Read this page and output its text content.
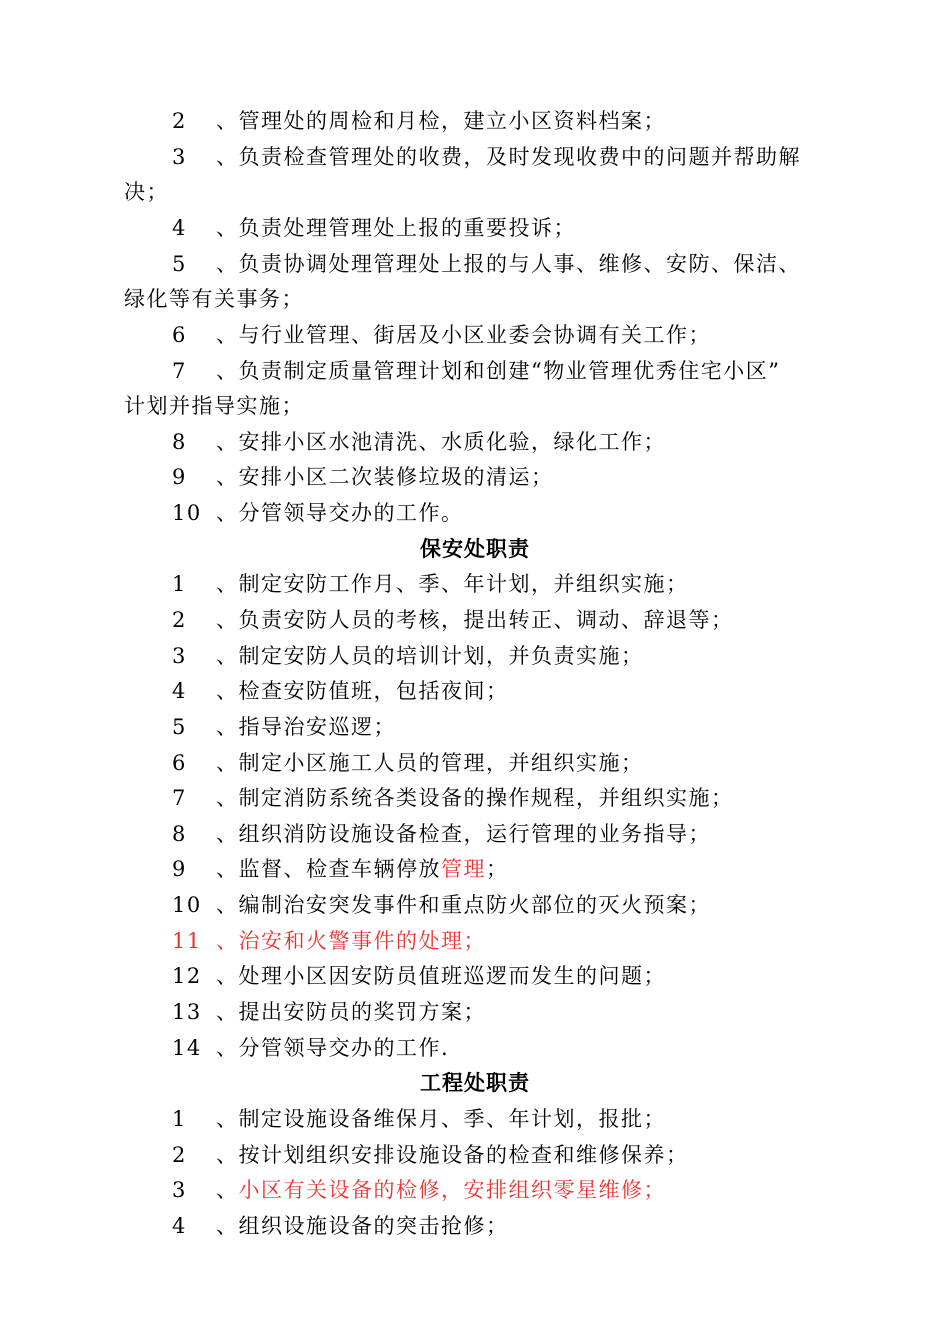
2 、管理处的周检和月检，建立小区资料档案；
3 、负责检查管理处的收费，及时发现收费中的问题并帮助解
决；
4 、负责处理管理处上报的重要投诉；
5 、负责协调处理管理处上报的与人事、维修、安防、保洁、
绿化等有关事务；
6 、与行业管理、街居及小区业委会协调有关工作；
7 、负责制定质量管理计划和创建“物业管理优秀住宅小区”
计划并指导实施；
8 、安排小区水池清洗、水质化验，绿化工作；
9 、安排小区二次装修垃圾的清运；
10 、分管领导交办的工作。
保安处职责
1 、制定安防工作月、季、年计划，并组织实施；
2 、负责安防人员的考核，提出转正、调动、辞退等；
3 、制定安防人员的培训计划，并负责实施；
4 、检查安防值班，包括夜间；
5 、指导治安巡逻；
6 、制定小区施工人员的管理，并组织实施；
7 、制定消防系统各类设备的操作规程，并组织实施；
8 、组织消防设施设备检查，运行管理的业务指导；
9 、监督、检查车辆停放管理；
10 、编制治安突发事件和重点防火部位的灭火预案；
11 、治安和火警事件的处理；
12 、处理小区因安防员值班巡逻而发生的问题；
13 、提出安防员的奖罚方案；
14 、分管领导交办的工作.
工程处职责
1 、制定设施设备维保月、季、年计划，报批；
2 、按计划组织安排设施设备的检查和维修保养；
3 、小区有关设备的检修，安排组织零星维修；
4 、组织设施设备的突击抢修；
